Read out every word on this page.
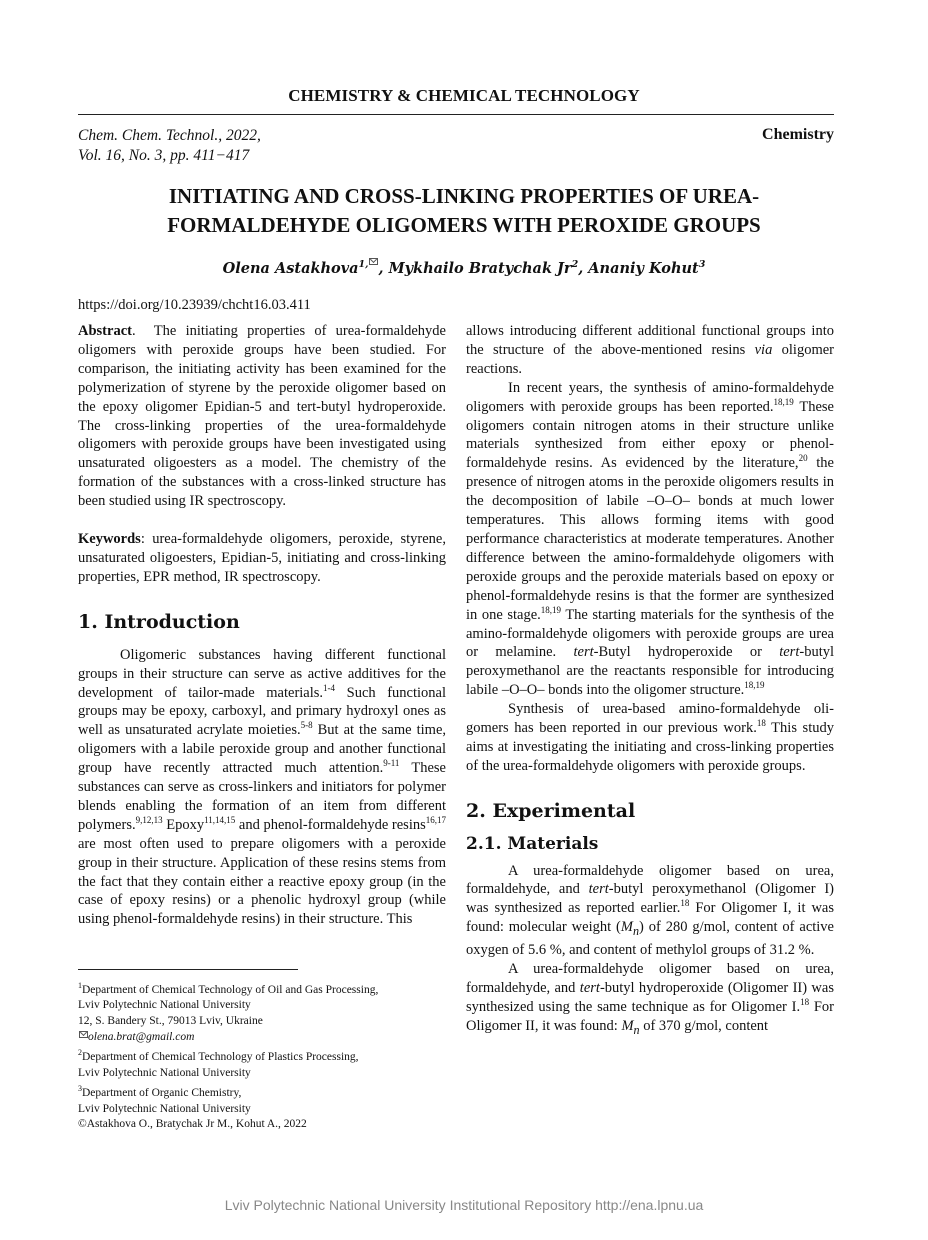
CHEMISTRY & CHEMICAL TECHNOLOGY
Chem. Chem. Technol., 2022,
Vol. 16, No. 3, pp. 411−417
Chemistry
INITIATING AND CROSS-LINKING PROPERTIES OF UREA-
FORMALDEHYDE OLIGOMERS WITH PEROXIDE GROUPS
Olena Astakhova$^{1,}$ , Mykhailo Bratychak Jr$^2$, Ananiy Kohut$^3$
https://doi.org/10.23939/chcht16.03.411

Abstract.  The initiating properties of urea-formaldehyde oligomers with peroxide groups have been studied. For comparison, the initiating activity has been examined for the polymerization of styrene by the peroxide oligomer based on the epoxy oligomer Epidian-5 and tert-butyl hydroperoxide. The cross-linking properties of the urea-formaldehyde oligomers with peroxide groups have been investigated using unsaturated oligoesters as a model. The chemistry of the formation of the substances with a cross-linked structure has been studied using IR spectroscopy.

Keywords: urea-formaldehyde oligomers, peroxide, styrene, unsaturated oligoesters, Epidian-5, initiating and cross-linking properties, EPR method, IR spectroscopy.

1. Introduction

Oligomeric substances having different functional groups in their structure can serve as active additives for the development of tailor-made materials.$^{1-4}$ Such functional groups may be epoxy, carboxyl, and primary hydroxyl ones as well as unsaturated acrylate moieties.$^{5-8}$ But at the same time, oligomers with a labile peroxide group and another functional group have recently attracted much attention.$^{9-11}$ These substances can serve as cross-linkers and initiators for polymer blends enabling the formation of an item from different polymers.$^{9,12,13}$ Epoxy$^{11,14,15}$ and phenol-formaldehyde resins$^{16,17}$ are most often used to prepare oligomers with a peroxide group in their structure. Application of these resins stems from the fact that they contain either a reactive epoxy group (in the case of epoxy resins) or a phenolic hydroxyl group (while using phenol-formaldehyde resins) in their structure. This

allows introducing different additional functional groups into the structure of the above-mentioned resins via oligomer reactions.

In recent years, the synthesis of amino-formaldehyde oligomers with peroxide groups has been reported.$^{18,19}$ These oligomers contain nitrogen atoms in their structure unlike materials synthesized from either epoxy or phenol-formaldehyde resins. As evidenced by the literature,$^{20}$ the presence of nitrogen atoms in the peroxide oligomers results in the decomposition of labile –O–O– bonds at much lower temperatures. This allows forming items with good performance characteristics at moderate temperatures. Another difference between the amino-formaldehyde oligomers with peroxide groups and the peroxide materials based on epoxy or phenol-formaldehyde resins is that the former are synthesized in one stage.$^{18,19}$ The starting materials for the synthesis of the amino-formaldehyde oligomers with peroxide groups are urea or melamine. tert-Butyl hydroperoxide or tert-butyl peroxymethanol are the reactants responsible for introducing labile –O–O– bonds into the oligomer structure.$^{18,19}$

Synthesis of urea-based amino-formaldehyde oli-gomers has been reported in our previous work.$^{18}$ This study aims at investigating the initiating and cross-linking properties of the urea-formaldehyde oligomers with peroxide groups.

2. Experimental

2.1. Materials

A urea-formaldehyde oligomer based on urea, formaldehyde, and tert-butyl peroxymethanol (Oligomer I) was synthesized as reported earlier.$^{18}$ For Oligomer I, it was found: molecular weight $(M_n)$ of 280 g/mol, content of active oxygen of 5.6 %, and content of methylol groups of 31.2 %.

A urea-formaldehyde oligomer based on urea, formaldehyde, and tert-butyl hydroperoxide (Oligomer II) was synthesized using the same technique as for Oligomer I.$^{18}$ For Oligomer II, it was found: $M_n$ of 370 g/mol, content

$^1$Department of Chemical Technology of Oil and Gas Processing,
Lviv Polytechnic National University
12, S. Bandery St., 79013 Lviv, Ukraine
olena.brat@gmail.com
$^2$Department of Chemical Technology of Plastics Processing,
Lviv Polytechnic National University
$^3$Department of Organic Chemistry,
Lviv Polytechnic National University
©Astakhova O., Bratychak Jr M., Kohut A., 2022
Lviv Polytechnic National University Institutional Repository http://ena.lpnu.ua
